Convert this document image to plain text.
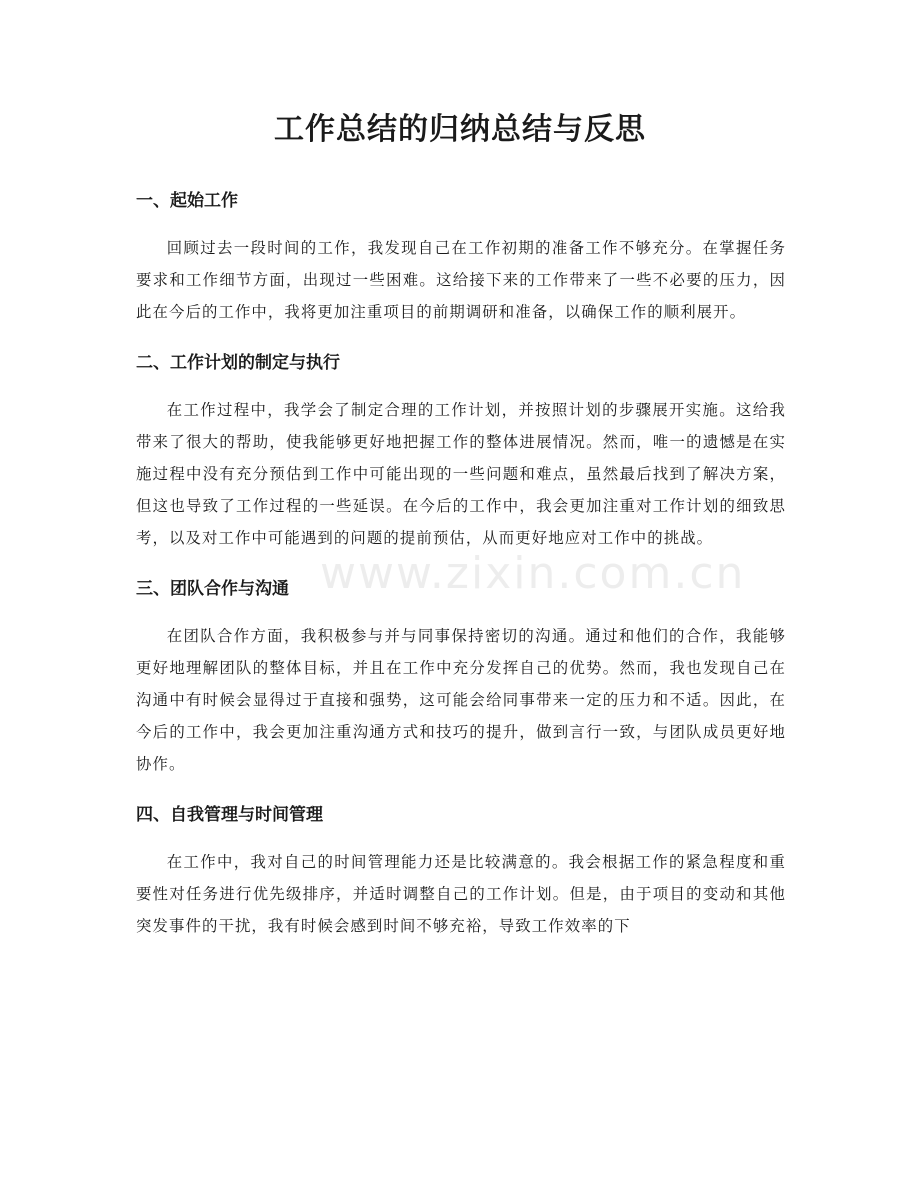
www.zixin.com.cn
工作总结的归纳总结与反思
一、起始工作

回顾过去一段时间的工作，我发现自己在工作初期的准备工作不够充分。在掌握任务要求和工作细节方面，出现过一些困难。这给接下来的工作带来了一些不必要的压力，因此在今后的工作中，我将更加注重项目的前期调研和准备，以确保工作的顺利展开。

二、工作计划的制定与执行

在工作过程中，我学会了制定合理的工作计划，并按照计划的步骤展开实施。这给我带来了很大的帮助，使我能够更好地把握工作的整体进展情况。然而，唯一的遗憾是在实施过程中没有充分预估到工作中可能出现的一些问题和难点，虽然最后找到了解决方案，但这也导致了工作过程的一些延误。在今后的工作中，我会更加注重对工作计划的细致思考，以及对工作中可能遇到的问题的提前预估，从而更好地应对工作中的挑战。

三、团队合作与沟通

在团队合作方面，我积极参与并与同事保持密切的沟通。通过和他们的合作，我能够更好地理解团队的整体目标，并且在工作中充分发挥自己的优势。然而，我也发现自己在沟通中有时候会显得过于直接和强势，这可能会给同事带来一定的压力和不适。因此，在今后的工作中，我会更加注重沟通方式和技巧的提升，做到言行一致，与团队成员更好地协作。

四、自我管理与时间管理

在工作中，我对自己的时间管理能力还是比较满意的。我会根据工作的紧急程度和重要性对任务进行优先级排序，并适时调整自己的工作计划。但是，由于项目的变动和其他突发事件的干扰，我有时候会感到时间不够充裕，导致工作效率的下
